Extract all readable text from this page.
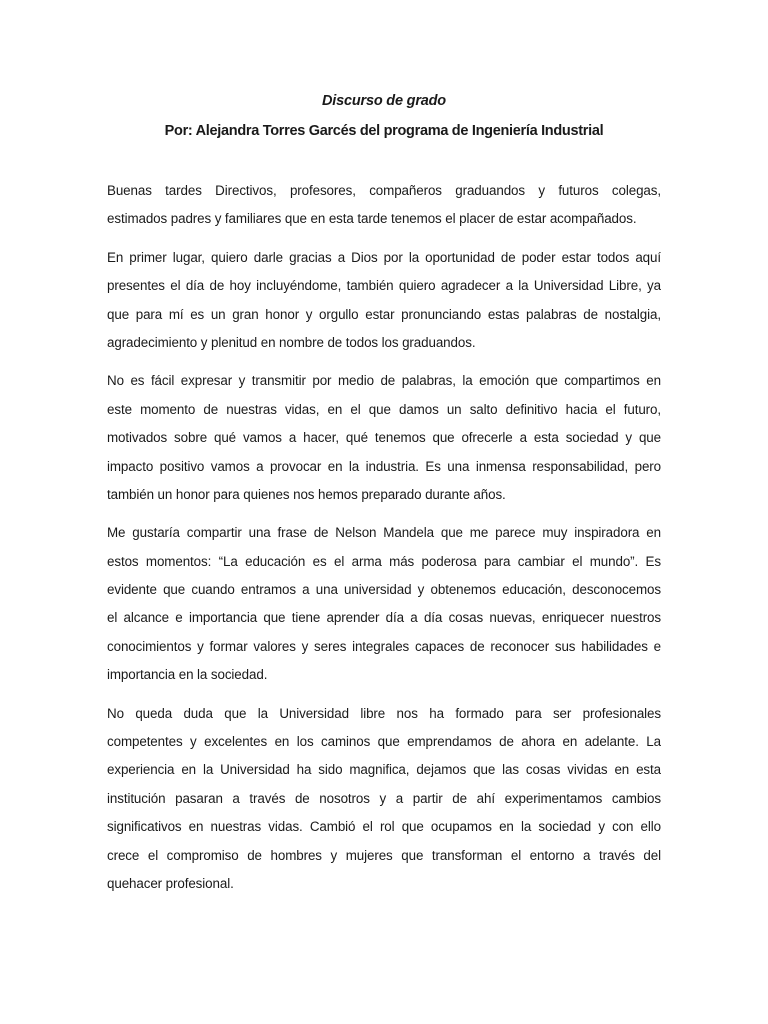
Discurso de grado
Por: Alejandra Torres Garcés del programa de Ingeniería Industrial

Buenas tardes Directivos, profesores, compañeros graduandos y futuros colegas,
estimados padres y familiares que en esta tarde tenemos el placer de estar acompañados.

En primer lugar, quiero darle gracias a Dios por la oportunidad de poder estar todos aquí
presentes el día de hoy incluyéndome, también quiero agradecer a la Universidad Libre, ya
que para mí es un gran honor y orgullo estar pronunciando estas palabras de nostalgia,
agradecimiento y plenitud en nombre de todos los graduandos.

No es fácil expresar y transmitir por medio de palabras, la emoción que compartimos en
este momento de nuestras vidas, en el que damos un salto definitivo hacia el futuro,
motivados sobre qué vamos a hacer, qué tenemos que ofrecerle a esta sociedad y que
impacto positivo vamos a provocar en la industria. Es una inmensa responsabilidad, pero
también un honor para quienes nos hemos preparado durante años.

Me gustaría compartir una frase de Nelson Mandela que me parece muy inspiradora en
estos momentos: “La educación es el arma más poderosa para cambiar el mundo”. Es
evidente que cuando entramos a una universidad y obtenemos educación, desconocemos
el alcance e importancia que tiene aprender día a día cosas nuevas, enriquecer nuestros
conocimientos y formar valores y seres integrales capaces de reconocer sus habilidades e
importancia en la sociedad.

No queda duda que la Universidad libre nos ha formado para ser profesionales
competentes y excelentes en los caminos que emprendamos de ahora en adelante. La
experiencia en la Universidad ha sido magnifica, dejamos que las cosas vividas en esta
institución pasaran a través de nosotros y a partir de ahí experimentamos cambios
significativos en nuestras vidas. Cambió el rol que ocupamos en la sociedad y con ello
crece el compromiso de hombres y mujeres que transforman el entorno a través del
quehacer profesional.
